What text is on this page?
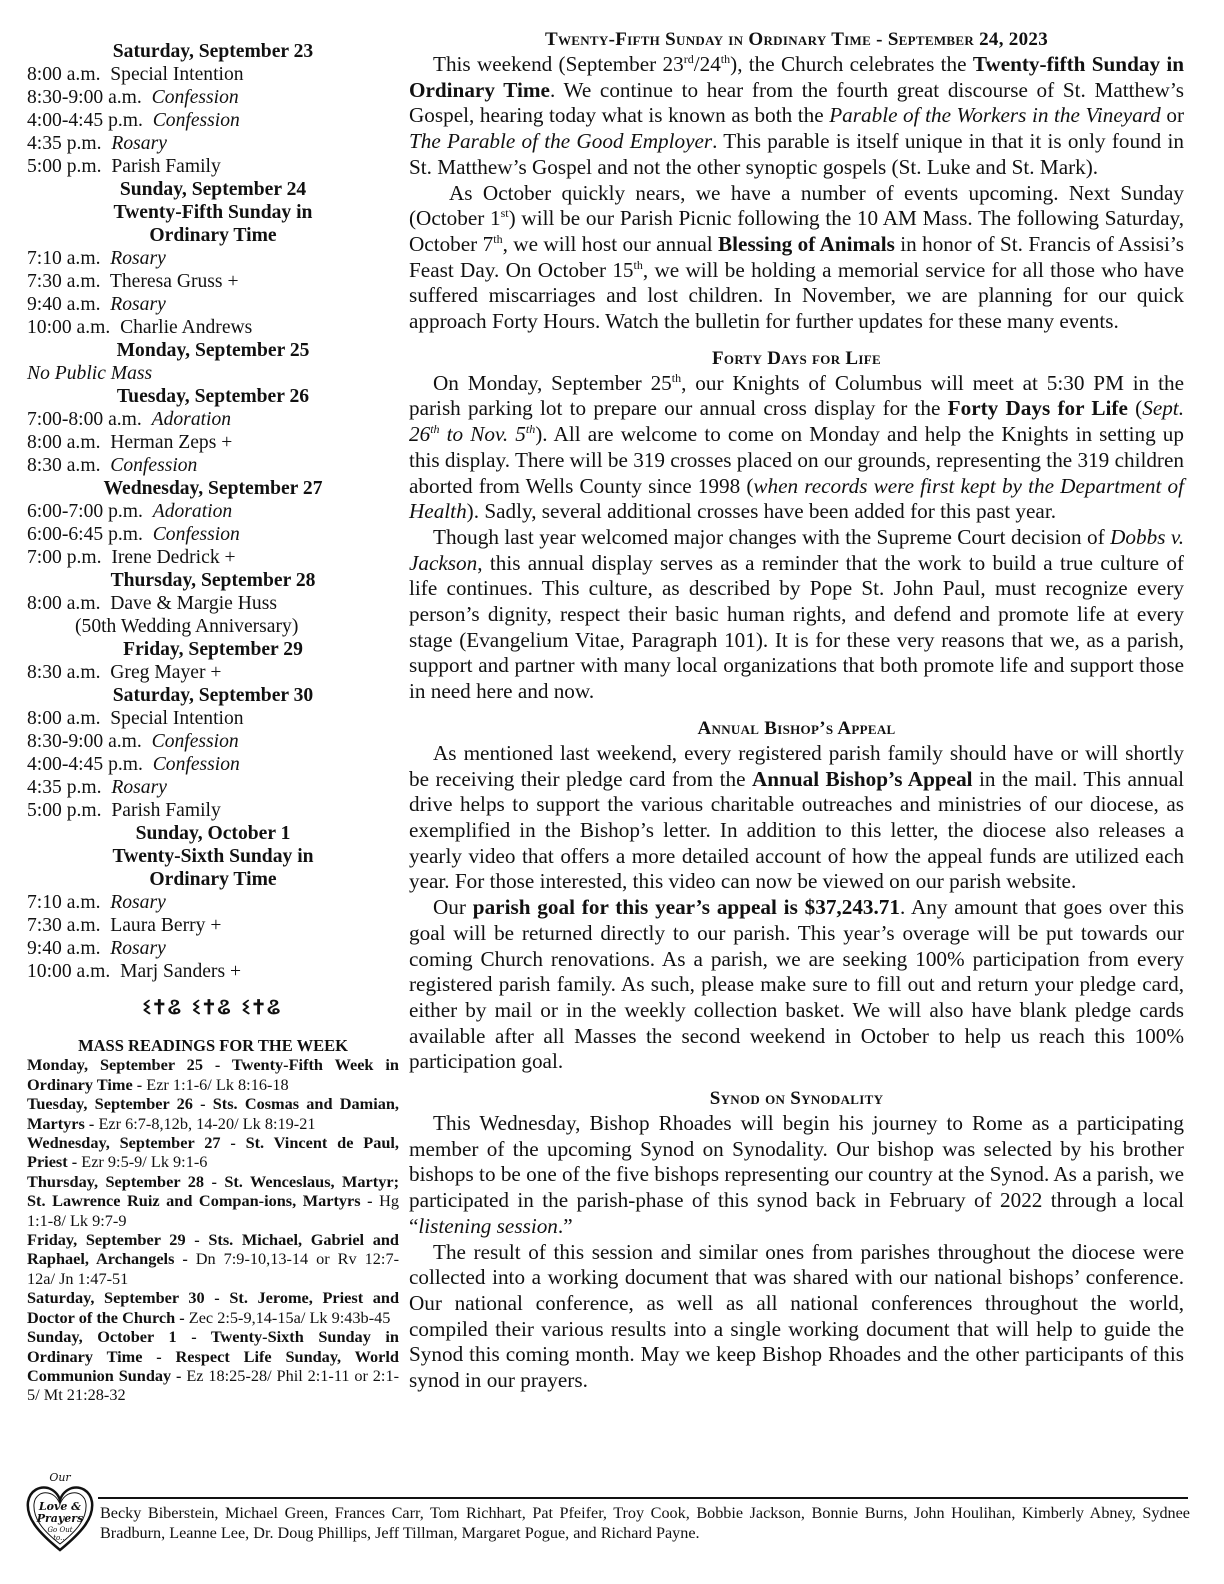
Saturday, September 23
8:00 a.m. Special Intention
8:30-9:00 a.m. Confession
4:00-4:45 p.m. Confession
4:35 p.m. Rosary
5:00 p.m. Parish Family
Sunday, September 24
Twenty-Fifth Sunday in
Ordinary Time
7:10 a.m. Rosary
7:30 a.m. Theresa Gruss +
9:40 a.m. Rosary
10:00 a.m. Charlie Andrews
Monday, September 25
No Public Mass
Tuesday, September 26
7:00-8:00 a.m. Adoration
8:00 a.m. Herman Zeps +
8:30 a.m. Confession
Wednesday, September 27
6:00-7:00 p.m. Adoration
6:00-6:45 p.m. Confession
7:00 p.m. Irene Dedrick +
Thursday, September 28
8:00 a.m. Dave & Margie Huss
(50th Wedding Anniversary)
Friday, September 29
8:30 a.m. Greg Mayer +
Saturday, September 30
8:00 a.m. Special Intention
8:30-9:00 a.m. Confession
4:00-4:45 p.m. Confession
4:35 p.m. Rosary
5:00 p.m. Parish Family
Sunday, October 1
Twenty-Sixth Sunday in
Ordinary Time
7:10 a.m. Rosary
7:30 a.m. Laura Berry +
9:40 a.m. Rosary
10:00 a.m. Marj Sanders +
ଽ✝ଌ ଽ✝ଌ ଽ✝ଌ
MASS READINGS FOR THE WEEK
Monday, September 25 - Twenty-Fifth Week in Ordinary Time - Ezr 1:1-6/ Lk 8:16-18
Tuesday, September 26 - Sts. Cosmas and Damian, Martyrs - Ezr 6:7-8,12b, 14-20/ Lk 8:19-21
Wednesday, September 27 - St. Vincent de Paul, Priest - Ezr 9:5-9/ Lk 9:1-6
Thursday, September 28 - St. Wenceslaus, Martyr; St. Lawrence Ruiz and Compan-ions, Martyrs - Hg 1:1-8/ Lk 9:7-9
Friday, September 29 - Sts. Michael, Gabriel and Raphael, Archangels - Dn 7:9-10,13-14 or Rv 12:7-12a/ Jn 1:47-51
Saturday, September 30 - St. Jerome, Priest and Doctor of the Church - Zec 2:5-9,14-15a/ Lk 9:43b-45
Sunday, October 1 - Twenty-Sixth Sunday in Ordinary Time - Respect Life Sunday, World Communion Sunday - Ez 18:25-28/ Phil 2:1-11 or 2:1-5/ Mt 21:28-32
Twenty-Fifth Sunday in Ordinary Time - September 24, 2023

This weekend (September 23rd/24th), the Church celebrates the Twenty-fifth Sunday in Ordinary Time. We continue to hear from the fourth great discourse of St. Matthew’s Gospel, hearing today what is known as both the Parable of the Workers in the Vineyard or The Parable of the Good Employer. This parable is itself unique in that it is only found in St. Matthew’s Gospel and not the other synoptic gospels (St. Luke and St. Mark).

As October quickly nears, we have a number of events upcoming. Next Sunday (October 1st) will be our Parish Picnic following the 10 AM Mass. The following Saturday, October 7th, we will host our annual Blessing of Animals in honor of St. Francis of Assisi’s Feast Day. On October 15th, we will be holding a memorial service for all those who have suffered miscarriages and lost children. In November, we are planning for our quick approach Forty Hours. Watch the bulletin for further updates for these many events.

Forty Days for Life

On Monday, September 25th, our Knights of Columbus will meet at 5:30 PM in the parish parking lot to prepare our annual cross display for the Forty Days for Life (Sept. 26th to Nov. 5th). All are welcome to come on Monday and help the Knights in setting up this display. There will be 319 crosses placed on our grounds, representing the 319 children aborted from Wells County since 1998 (when records were first kept by the Department of Health). Sadly, several additional crosses have been added for this past year.

Though last year welcomed major changes with the Supreme Court decision of Dobbs v. Jackson, this annual display serves as a reminder that the work to build a true culture of life continues. This culture, as described by Pope St. John Paul, must recognize every person’s dignity, respect their basic human rights, and defend and promote life at every stage (Evangelium Vitae, Paragraph 101). It is for these very reasons that we, as a parish, support and partner with many local organizations that both promote life and support those in need here and now.

Annual Bishop’s Appeal

As mentioned last weekend, every registered parish family should have or will shortly be receiving their pledge card from the Annual Bishop’s Appeal in the mail. This annual drive helps to support the various charitable outreaches and ministries of our diocese, as exemplified in the Bishop’s letter. In addition to this letter, the diocese also releases a yearly video that offers a more detailed account of how the appeal funds are utilized each year. For those interested, this video can now be viewed on our parish website.

Our parish goal for this year’s appeal is $37,243.71. Any amount that goes over this goal will be returned directly to our parish. This year’s overage will be put towards our coming Church renovations. As a parish, we are seeking 100% participation from every registered parish family. As such, please make sure to fill out and return your pledge card, either by mail or in the weekly collection basket. We will also have blank pledge cards available after all Masses the second weekend in October to help us reach this 100% participation goal.

Synod on Synodality

This Wednesday, Bishop Rhoades will begin his journey to Rome as a participating member of the upcoming Synod on Synodality. Our bishop was selected by his brother bishops to be one of the five bishops representing our country at the Synod. As a parish, we participated in the parish-phase of this synod back in February of 2022 through a local “listening session.”

The result of this session and similar ones from parishes throughout the diocese were collected into a working document that was shared with our national bishops’ conference. Our national conference, as well as all national conferences throughout the world, compiled their various results into a single working document that will help to guide the Synod this coming month. May we keep Bishop Rhoades and the other participants of this synod in our prayers.

Our
Love &
Prayers
Go Out
to...
Becky Biberstein, Michael Green, Frances Carr, Tom Richhart, Pat Pfeifer, Troy Cook, Bobbie Jackson, Bonnie Burns, John Houlihan, Kimberly Abney, Sydnee Bradburn, Leanne Lee, Dr. Doug Phillips, Jeff Tillman, Margaret Pogue, and Richard Payne.
